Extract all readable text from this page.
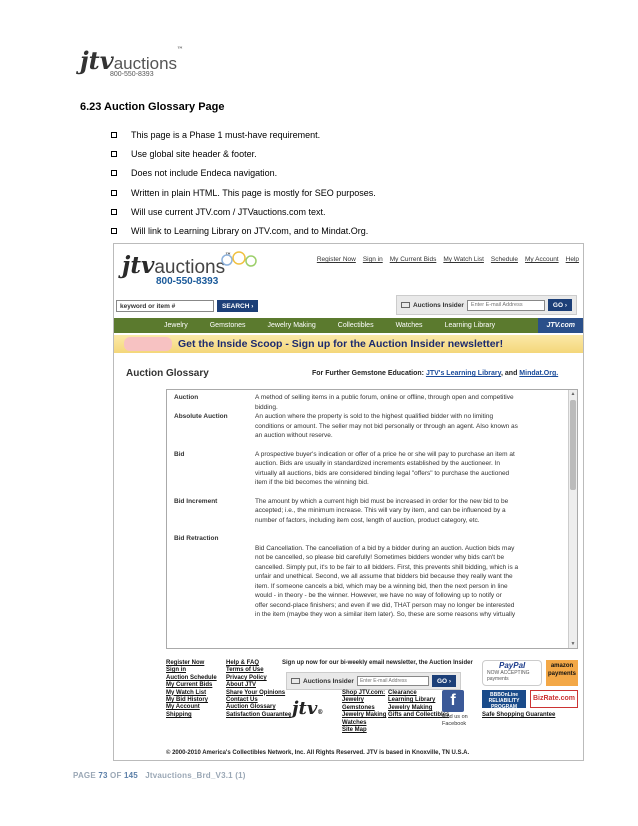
jtvauctions™
800-550-8393
6.23 Auction Glossary Page
This page is a Phase 1 must-have requirement.
Use global site header & footer.
Does not include Endeca navigation.
Written in plain HTML. This page is mostly for SEO purposes.
Will use current JTV.com / JTVauctions.com text.
Will link to Learning Library on JTV.com, and to Mindat.Org.
jtvauctions™
800-550-8393
Register Now Sign in My Current Bids My Watch List Schedule My Account Help
keyword or item #
SEARCH ›	Auctions Insider
Enter E-mail Address	GO ›
Jewelry	Gemstones	Jewelry Making	Collectibles	Watches	Learning Library	JTV.com
Get the Inside Scoop - Sign up for the Auction Insider newsletter!
Auction Glossary	For Further Gemstone Education: JTV's Learning Library, and Mindat.Org.
Auction	A method of selling items in a public forum, online or offline, through open and competitive
bidding.
Absolute Auction	An auction where the property is sold to the highest qualified bidder with no limiting
conditions or amount. The seller may not bid personally or through an agent. Also known as
an auction without reserve.
Bid	A prospective buyer's indication or offer of a price he or she will pay to purchase an item at
auction. Bids are usually in standardized increments established by the auctioneer. In
virtually all auctions, bids are considered binding legal "offers" to purchase the auctioned
item if the bid becomes the winning bid.
Bid Increment	The amount by which a current high bid must be increased in order for the new bid to be
accepted; i.e., the minimum increase. This will vary by item, and can be influenced by a
number of factors, including item cost, length of auction, product category, etc.
Bid Retraction
Bid Cancellation. The cancellation of a bid by a bidder during an auction. Auction bids may
not be cancelled, so please bid carefully! Sometimes bidders wonder why bids can't be
cancelled. Simply put, it's to be fair to all bidders. First, this prevents shill bidding, which is a
unfair and unethical. Second, we all assume that bidders bid because they really want the
item. If someone cancels a bid, which may be a winning bid, then the next person in line
would - in theory - be the winner. However, we have no way of following up to notify or
offer second-place finishers; and even if we did, THAT person may no longer be interested
in the item (maybe they won a similar item later). So, these are some reasons why virtually
▲
▼
Register Now
Sign in
Auction Schedule
My Current Bids
My Watch List
My Bid History
My Account
Shipping
Help & FAQ
Terms of Use
Privacy Policy
About JTV
Share Your Opinions
Contact Us
Auction Glossary
Satisfaction Guarantee
Sign up now for our bi-weekly email newsletter, the Auction Insider
Auctions Insider
Enter E-mail Address	GO ›
jtv®
Shop JTV.com:
Jewelry
Gemstones
Jewelry Making
Watches
Site Map
Clearance
Learning Library
Jewelry Making
Gifts and Collectibles
f
Find us on
Facebook
PayPal
NOW ACCEPTING
payments
amazon
payments
BBBOnLine
RELIABILITY
PROGRAM
BizRate.com
Safe Shopping Guarantee
© 2000-2010 America's Collectibles Network, Inc. All Rights Reserved. JTV is based in Knoxville, TN U.S.A.
PAGE 73 OF 145   Jtvauctions_Brd_V3.1 (1)
